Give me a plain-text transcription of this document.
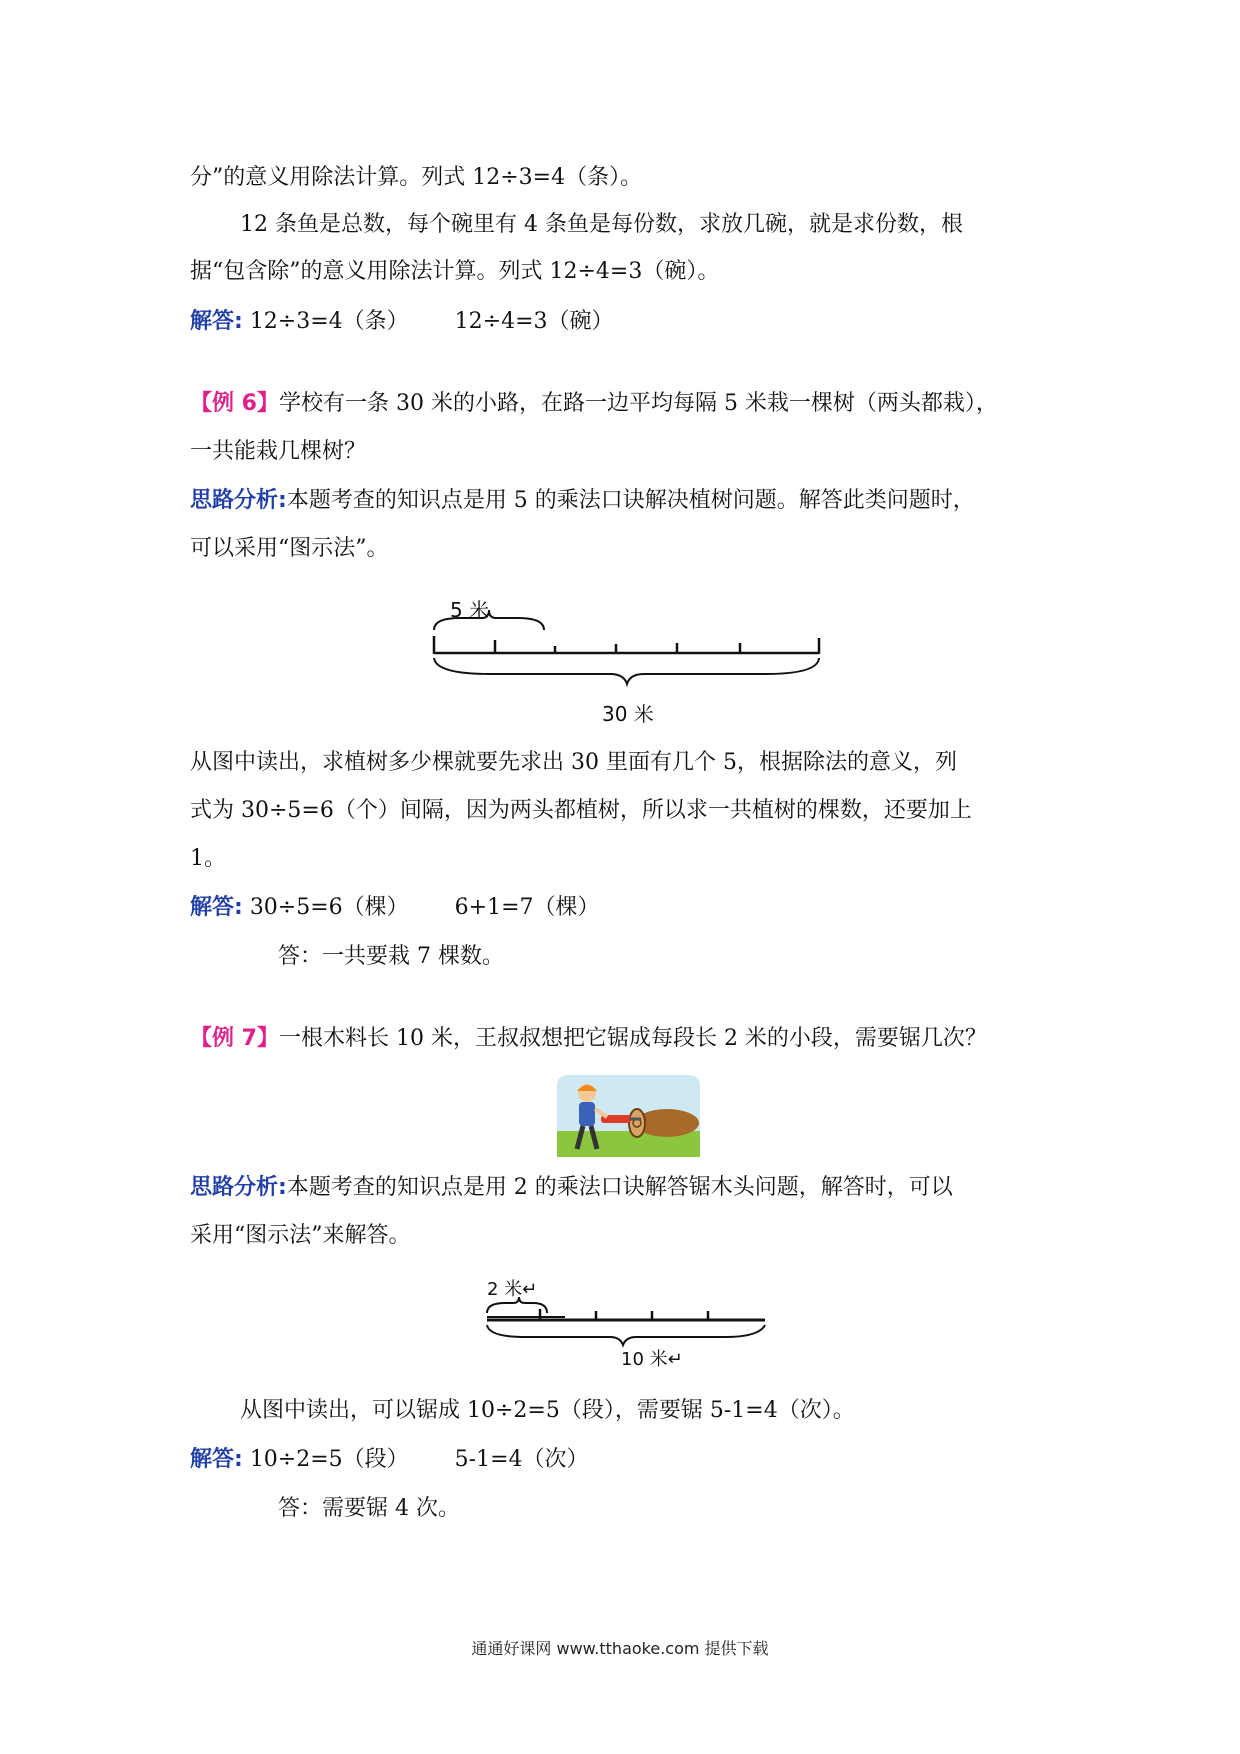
分”的意义用除法计算。列式 12÷3=4（条）。
12 条鱼是总数，每个碗里有 4 条鱼是每份数，求放几碗，就是求份数，根
据“包含除”的意义用除法计算。列式 12÷4=3（碗）。
解答: 12÷3=4（条） 12÷4=3（碗）
【例 6】学校有一条 30 米的小路，在路一边平均每隔 5 米栽一棵树（两头都栽），
一共能栽几棵树？
思路分析:本题考查的知识点是用 5 的乘法口诀解决植树问题。解答此类问题时，
可以采用“图示法”。
5 米
30 米
从图中读出，求植树多少棵就要先求出 30 里面有几个 5，根据除法的意义，列
式为 30÷5=6（个）间隔，因为两头都植树，所以求一共植树的棵数，还要加上
1。
解答: 30÷5=6（棵） 6+1=7（棵）
答：一共要栽 7 棵数。
【例 7】一根木料长 10 米，王叔叔想把它锯成每段长 2 米的小段，需要锯几次？
思路分析:本题考查的知识点是用 2 的乘法口诀解答锯木头问题，解答时，可以
采用“图示法”来解答。
2 米↵
10 米↵
从图中读出，可以锯成 10÷2=5（段），需要锯 5-1=4（次）。
解答: 10÷2=5（段） 5-1=4（次）
答：需要锯 4 次。
通通好课网 www.tthaoke.com 提供下载
